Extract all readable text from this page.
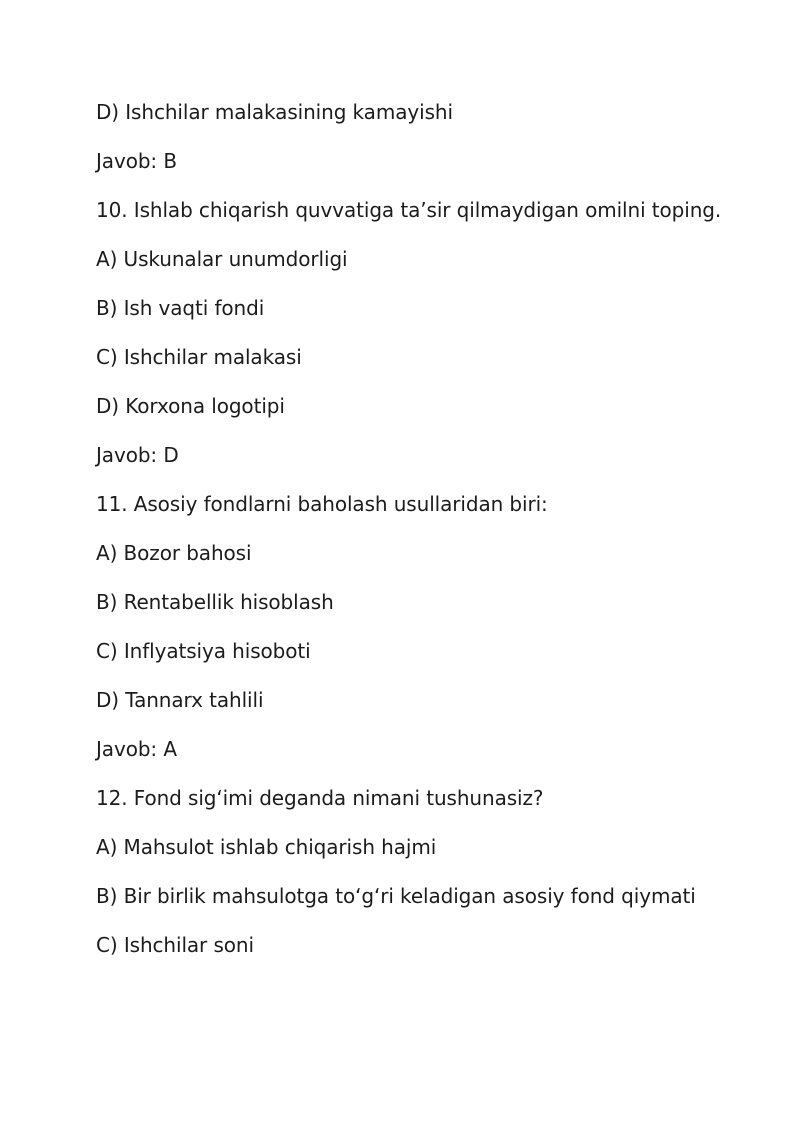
D) Ishchilar malakasining kamayishi

Javob: B

10. Ishlab chiqarish quvvatiga ta’sir qilmaydigan omilni toping.

A) Uskunalar unumdorligi

B) Ish vaqti fondi

C) Ishchilar malakasi

D) Korxona logotipi

Javob: D

11. Asosiy fondlarni baholash usullaridan biri:

A) Bozor bahosi

B) Rentabellik hisoblash

C) Inflyatsiya hisoboti

D) Tannarx tahlili

Javob: A

12. Fond sig‘imi deganda nimani tushunasiz?

A) Mahsulot ishlab chiqarish hajmi

B) Bir birlik mahsulotga to‘g‘ri keladigan asosiy fond qiymati

C) Ishchilar soni
